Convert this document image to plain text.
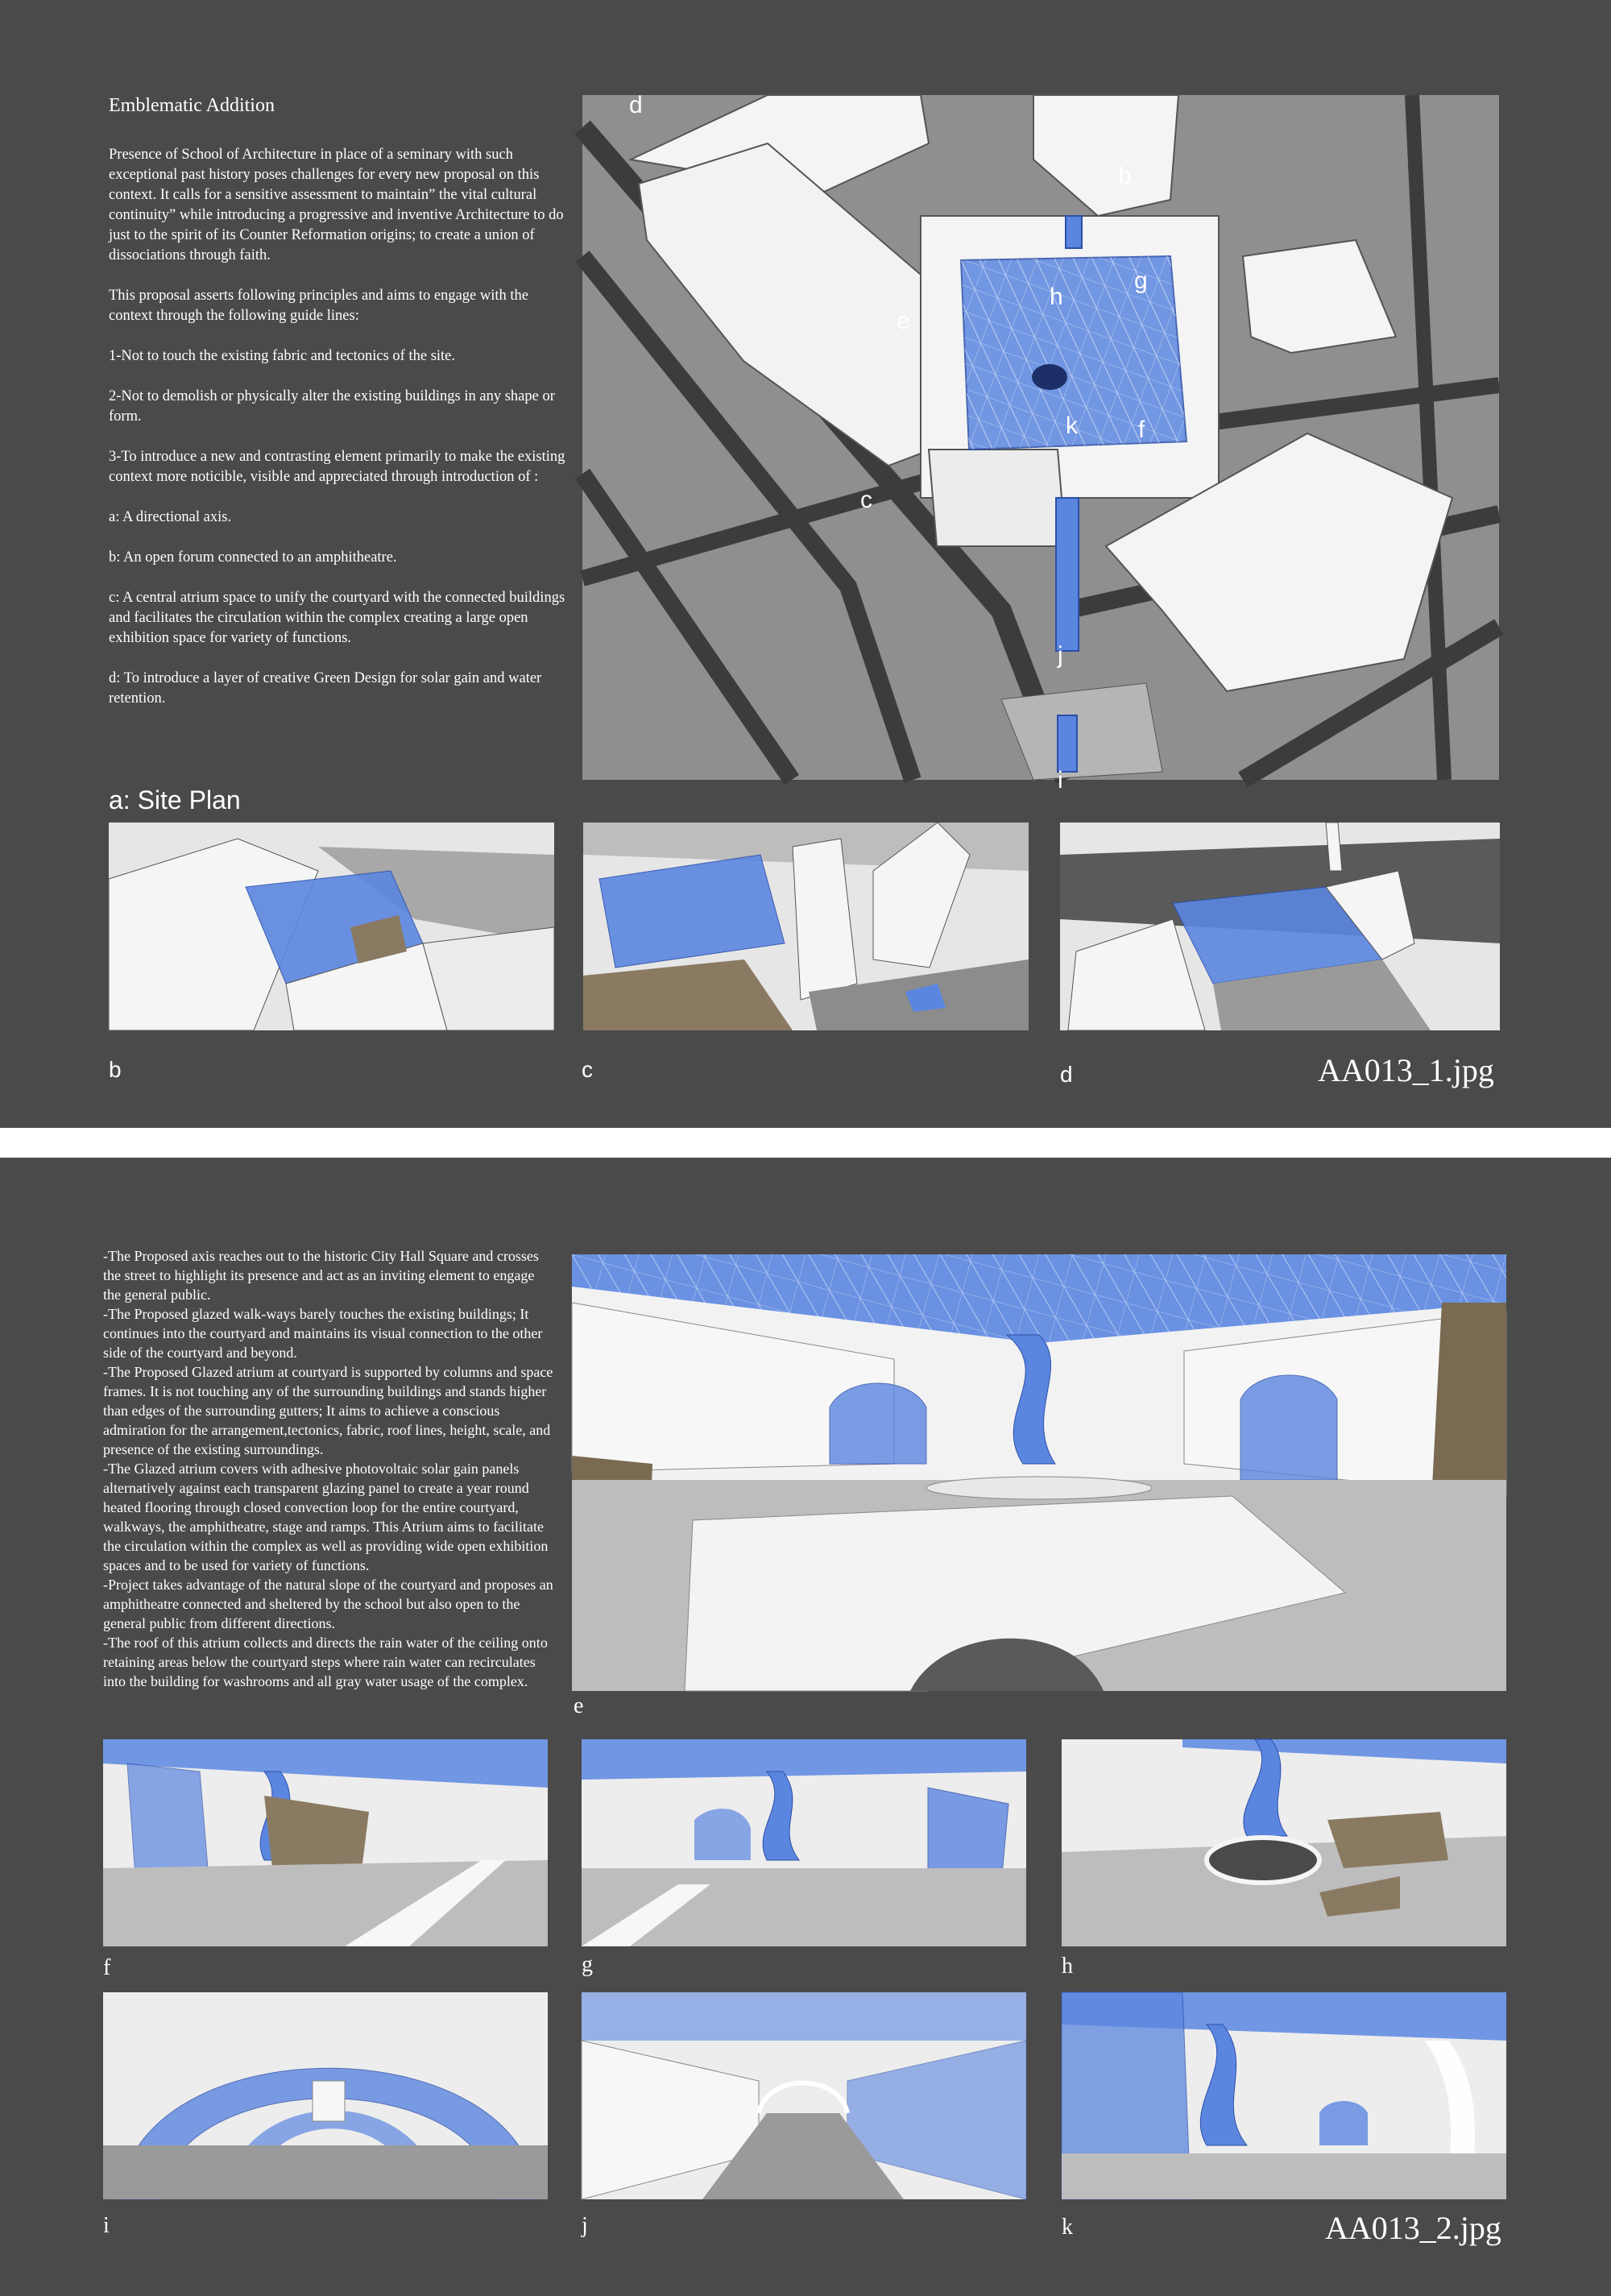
Emblematic Addition

Presence of School of Architecture in place of a seminary with such exceptional past history poses challenges for every new proposal on this context. It calls for a sensitive assessment to maintain” the vital cultural continuity” while introducing a progressive and inventive Architecture to do just to the spirit of its Counter Reformation origins; to create a union of dissociations through faith.

This proposal asserts following principles and aims to engage with the context through the following guide lines:

1-Not to touch the existing fabric and tectonics of the site.

2-Not to demolish or physically alter the existing buildings in any shape or form.

3-To introduce a new and contrasting element primarily to make the existing context more noticible, visible and appreciated through introduction of :

a: A directional axis.

b: An open forum connected to an amphitheatre.

c: A central atrium space to unify the courtyard with the connected buildings and facilitates the circulation within the complex creating a large open exhibition space for variety of functions.

d: To introduce a layer of creative Green Design for solar gain and water retention.

d
b
e
h
g
k	f
c
j
i
a: Site Plan
b	c	d	AA013_1.jpg

-The Proposed axis reaches out to the historic City Hall Square and crosses the street to highlight its presence and act as an inviting element to engage the general public.

-The Proposed glazed walk-ways barely touches the existing buildings; It continues into the courtyard and maintains its visual connection to the other side of the courtyard and beyond.

-The Proposed Glazed atrium at courtyard is supported by columns and space frames. It is not touching any of the surrounding buildings and stands higher than edges of the surrounding gutters; It aims to achieve a conscious admiration for the arrangement,tectonics, fabric, roof lines, height, scale, and presence of the existing surroundings.

-The Glazed atrium covers with adhesive photovoltaic solar gain panels alternatively against each transparent glazing panel to create a year round heated flooring through closed convection loop for the entire courtyard, walkways, the amphitheatre, stage and ramps. This Atrium aims to facilitate the circulation within the complex as well as providing wide open exhibition spaces and to be used for variety of functions.

-Project takes advantage of the natural slope of the courtyard and proposes an amphitheatre connected and sheltered by the school but also open to the general public from different directions.

-The roof of this atrium collects and directs the rain water of the ceiling onto retaining areas below the courtyard steps where rain water can recirculates into the building for washrooms and all gray water usage of the complex.

e
f	g	h
i	j	k	AA013_2.jpg
